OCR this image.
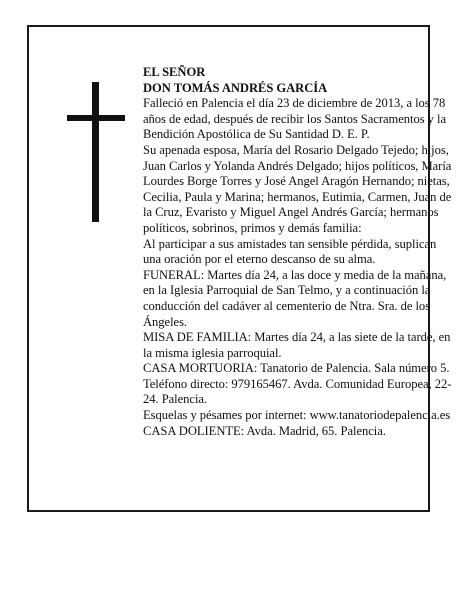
EL SEÑOR

DON TOMÁS ANDRÉS GARCÍA

Falleció en Palencia el día 23 de diciembre de 2013, a los 78 años de edad, después de recibir los Santos Sacramentos y la Bendición Apostólica de Su Santidad D. E. P.

Su apenada esposa, María del Rosario Delgado Tejedo; hijos, Juan Carlos y Yolanda Andrés Delgado; hijos políticos, María Lourdes Borge Torres y José Angel Aragón Hernando; nietas, Cecilia, Paula y Marina; hermanos, Eutimia, Carmen, Juan de la Cruz, Evaristo y Miguel Angel Andrés García; hermanos políticos, sobrinos, primos y demás familia:

Al participar a sus amistades tan sensible pérdida, suplican una oración por el eterno descanso de su alma.

FUNERAL: Martes día 24, a las doce y media de la mañana, en la Iglesia Parroquial de San Telmo, y a continuación la conducción del cadáver al cementerio de Ntra. Sra. de los Ángeles.

MISA DE FAMILIA: Martes día 24, a las siete de la tarde, en la misma iglesia parroquial.

CASA MORTUORIA: Tanatorio de Palencia. Sala número 5. Teléfono directo: 979165467. Avda. Comunidad Europea, 22-24. Palencia.

Esquelas y pésames por internet: www.tanatoriodepalencia.es

CASA DOLIENTE: Avda. Madrid, 65. Palencia.
